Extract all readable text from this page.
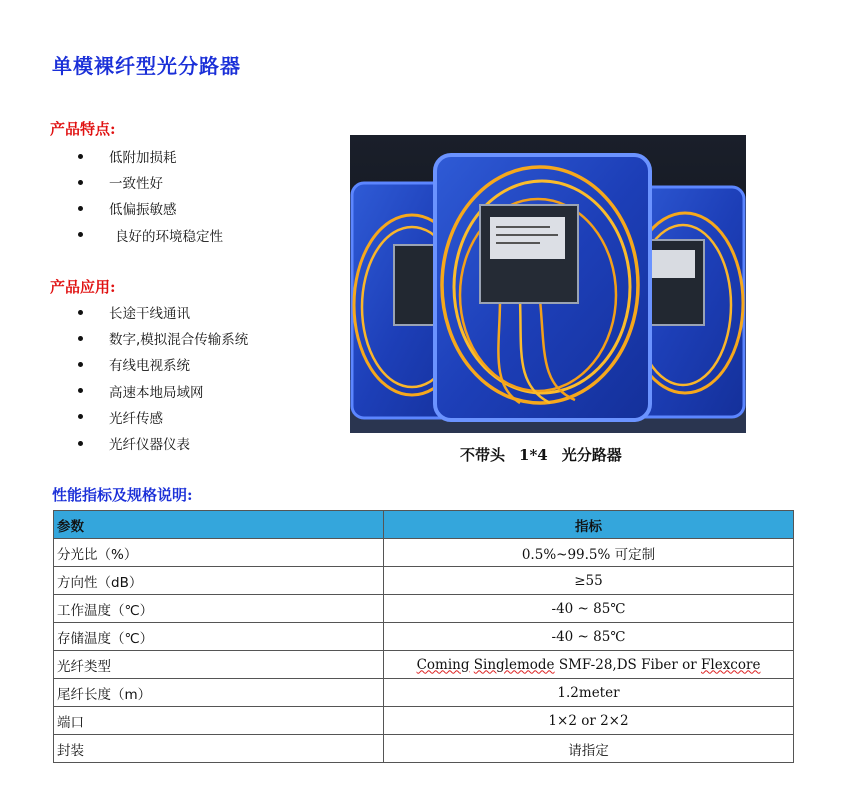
单模裸纤型光分路器
产品特点:
低附加损耗
一致性好
低偏振敏感
良好的环境稳定性
产品应用:
长途干线通讯
数字,模拟混合传输系统
有线电视系统
高速本地局域网
光纤传感
光纤仪器仪表
不带头 1*4 光分路器
性能指标及规格说明:
参数	指标
分光比（%）	0.5%~99.5% 可定制
方向性（dB）	≥55
工作温度（℃）	-40 ~ 85℃
存储温度（℃）	-40 ~ 85℃
光纤类型	Coming Singlemode SMF-28,DS Fiber or Flexcore
尾纤长度（m）	1.2meter
端口	1×2 or 2×2
封装	请指定
